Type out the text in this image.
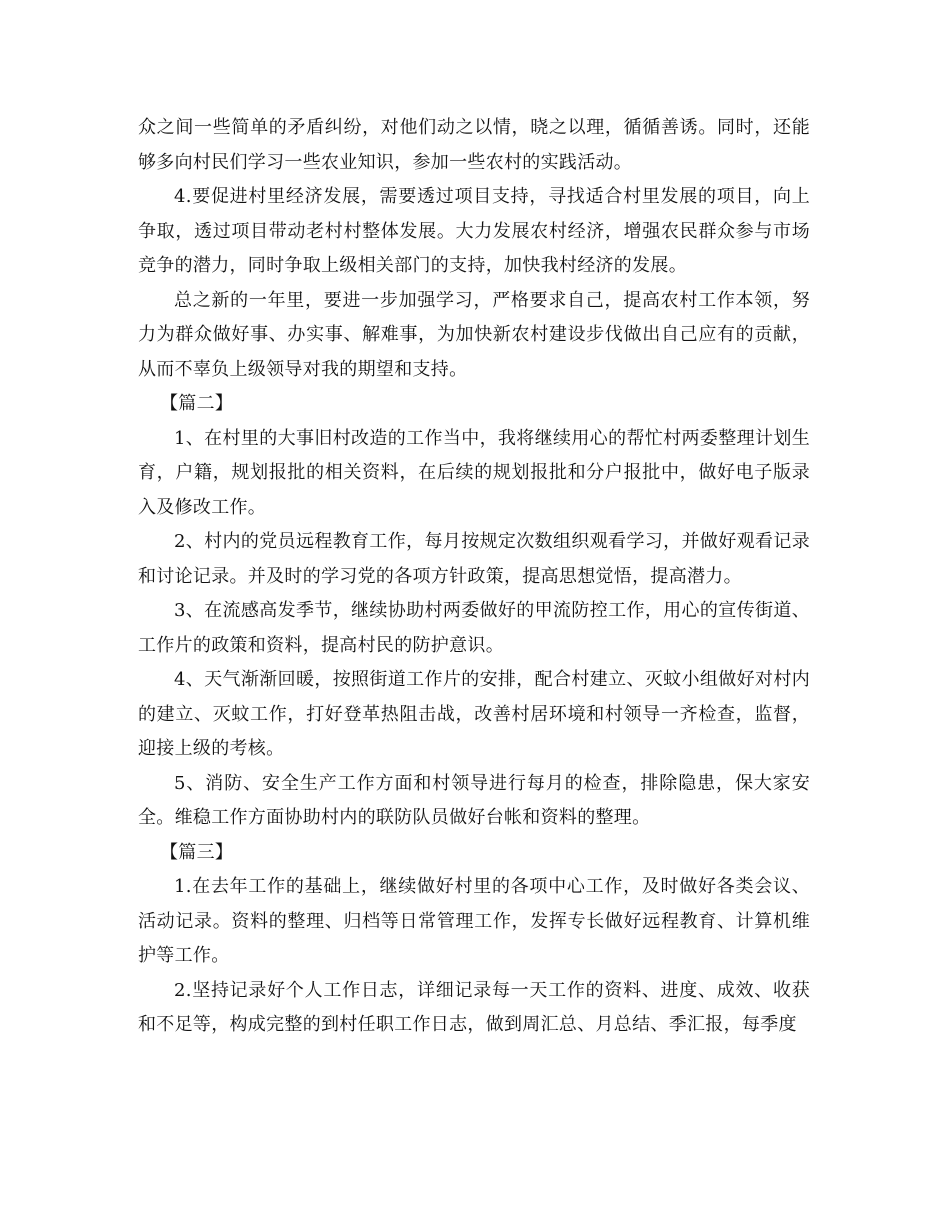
众之间一些简单的矛盾纠纷，对他们动之以情，晓之以理，循循善诱。同时，还能够多向村民们学习一些农业知识，参加一些农村的实践活动。

4.要促进村里经济发展，需要透过项目支持，寻找适合村里发展的项目，向上争取，透过项目带动老村村整体发展。大力发展农村经济，增强农民群众参与市场竞争的潜力，同时争取上级相关部门的支持，加快我村经济的发展。

总之新的一年里，要进一步加强学习，严格要求自己，提高农村工作本领，努力为群众做好事、办实事、解难事，为加快新农村建设步伐做出自己应有的贡献，从而不辜负上级领导对我的期望和支持。

【篇二】

1、在村里的大事旧村改造的工作当中，我将继续用心的帮忙村两委整理计划生育，户籍，规划报批的相关资料，在后续的规划报批和分户报批中，做好电子版录入及修改工作。

2、村内的党员远程教育工作，每月按规定次数组织观看学习，并做好观看记录和讨论记录。并及时的学习党的各项方针政策，提高思想觉悟，提高潜力。

3、在流感高发季节，继续协助村两委做好的甲流防控工作，用心的宣传街道、工作片的政策和资料，提高村民的防护意识。

4、天气渐渐回暖，按照街道工作片的安排，配合村建立、灭蚊小组做好对村内的建立、灭蚊工作，打好登革热阻击战，改善村居环境和村领导一齐检查，监督，迎接上级的考核。

5、消防、安全生产工作方面和村领导进行每月的检查，排除隐患，保大家安全。维稳工作方面协助村内的联防队员做好台帐和资料的整理。

【篇三】

1.在去年工作的基础上，继续做好村里的各项中心工作，及时做好各类会议、活动记录。资料的整理、归档等日常管理工作，发挥专长做好远程教育、计算机维护等工作。

2.坚持记录好个人工作日志，详细记录每一天工作的资料、进度、成效、收获和不足等，构成完整的到村任职工作日志，做到周汇总、月总结、季汇报，每季度
